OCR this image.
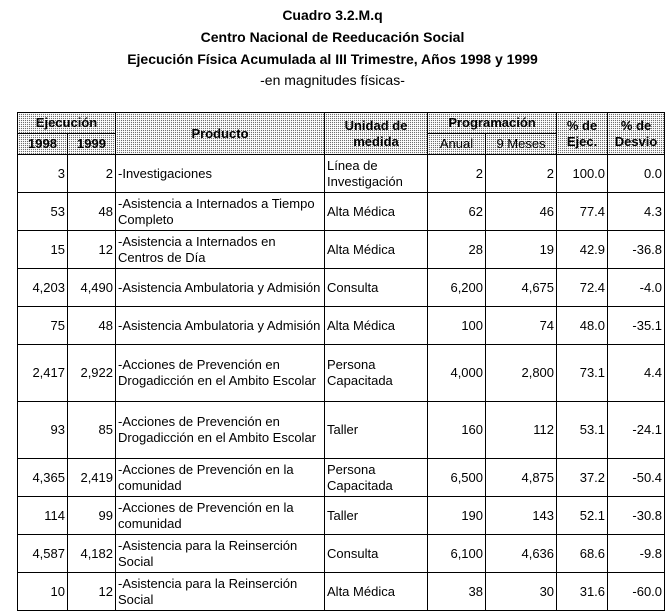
Cuadro 3.2.M.q
Centro Nacional de Reeducación Social
Ejecución Física Acumulada al III Trimestre, Años 1998 y 1999
-en magnitudes físicas-
Ejecución		Producto	Unidad de medida	Programación		% de Ejec.	% de Desvio
1998	1999			Anual	9 Meses		
3	2	-Investigaciones	Línea de Investigación	2	2	100.0	0.0
53	48	-Asistencia a Internados a Tiempo Completo	Alta Médica	62	46	77.4	4.3
15	12	-Asistencia a Internados en Centros de Día	Alta Médica	28	19	42.9	-36.8
4,203	4,490	-Asistencia Ambulatoria y Admisión	Consulta	6,200	4,675	72.4	-4.0
75	48	-Asistencia Ambulatoria y Admisión	Alta Médica	100	74	48.0	-35.1
2,417	2,922	-Acciones de Prevención en Drogadicción en el Ambito Escolar	Persona Capacitada	4,000	2,800	73.1	4.4
93	85	-Acciones de Prevención en Drogadicción en el Ambito Escolar	Taller	160	112	53.1	-24.1
4,365	2,419	-Acciones de Prevención en la comunidad	Persona Capacitada	6,500	4,875	37.2	-50.4
114	99	-Acciones de Prevención en la comunidad	Taller	190	143	52.1	-30.8
4,587	4,182	-Asistencia para la Reinserción Social	Consulta	6,100	4,636	68.6	-9.8
10	12	-Asistencia para la Reinserción Social	Alta Médica	38	30	31.6	-60.0
